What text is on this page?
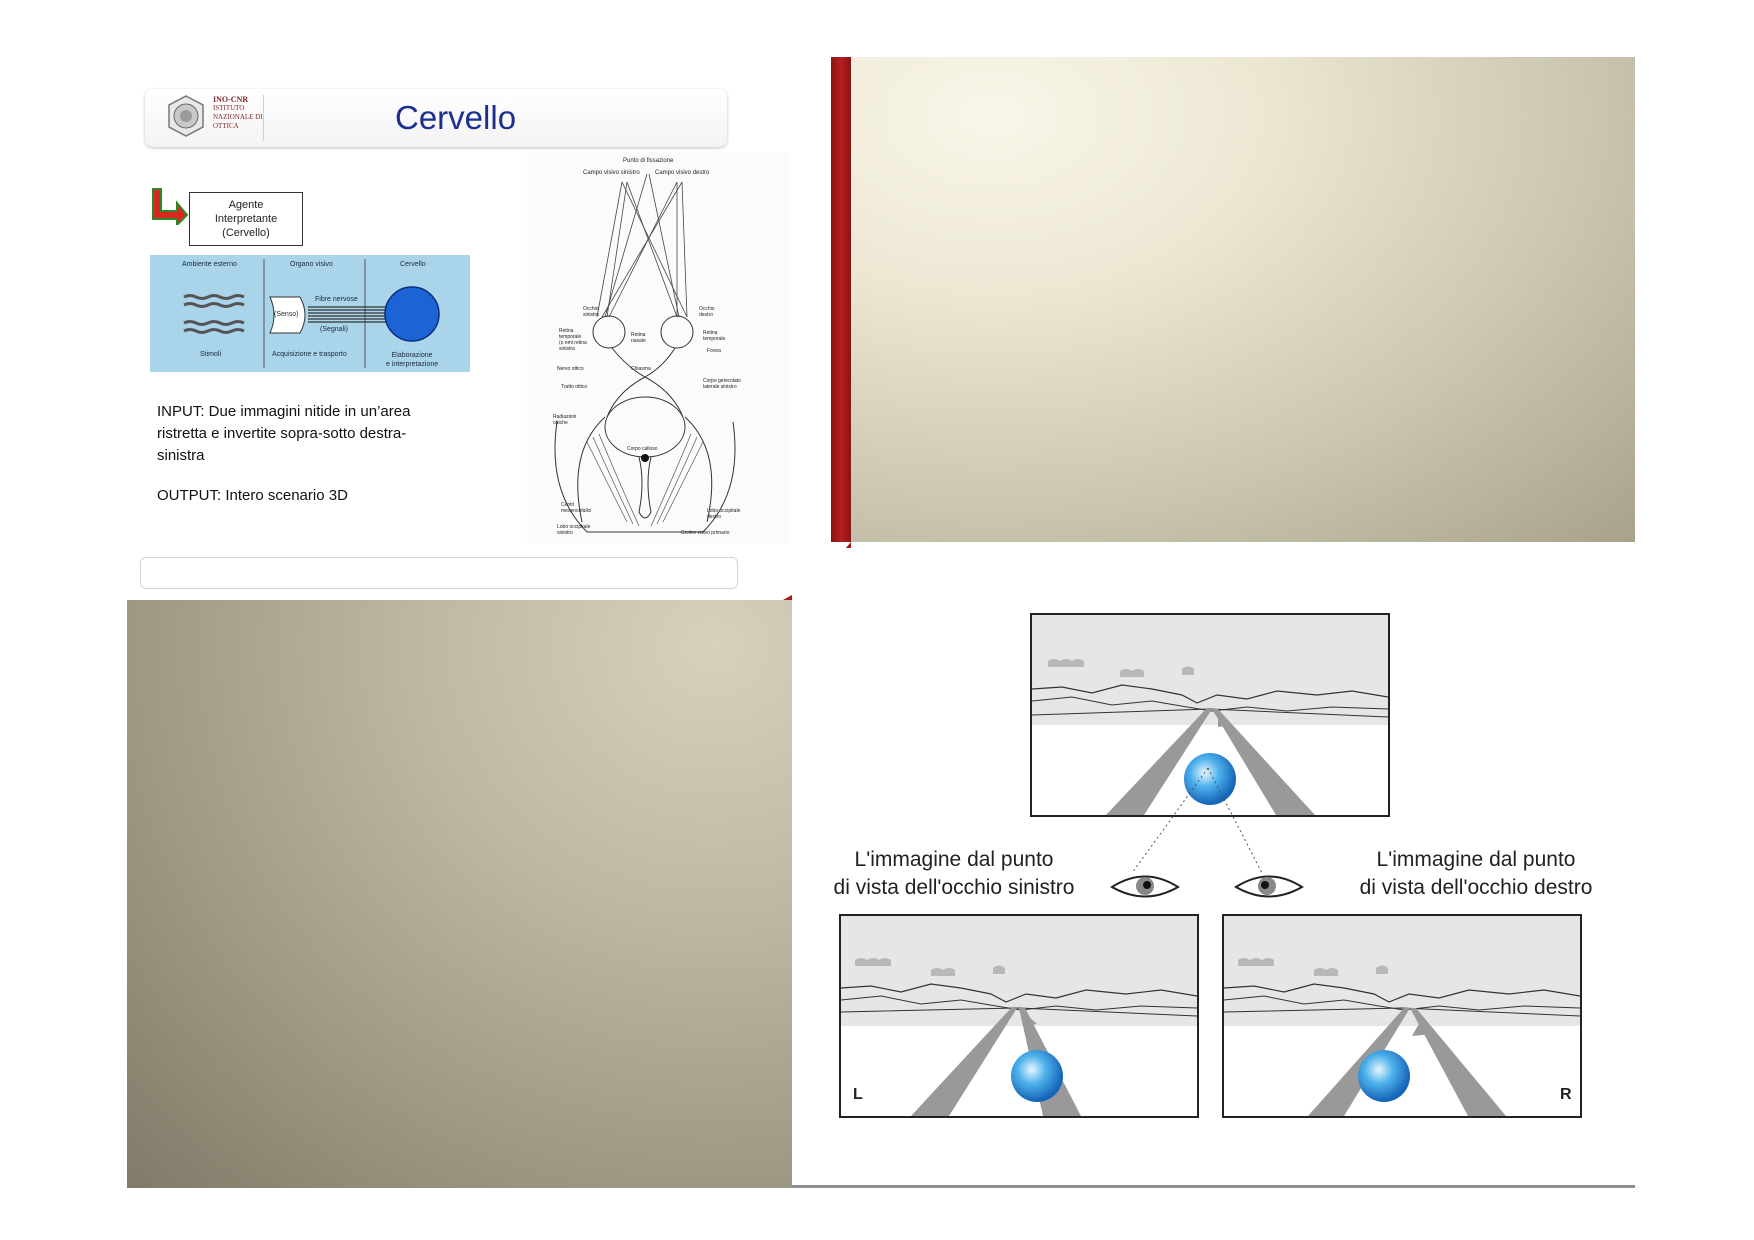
INO-CNR
ISTITUTO
NAZIONALE DI
OTTICA	Cervello
Agente
Interpretante
(Cervello)
Ambiente esterno	Organo visivo	Cervello
(Senso)
Fibre nervose
(Segnali)
Stimoli	Acquisizione e trasporto	Elaborazione
e interpretazione
INPUT: Due immagini nitide in un’area
ristretta e invertite sopra-sotto destra-
sinistra
OUTPUT: Intero scenario 3D
Punto di fissazione
Campo visivo sinistro	Campo visivo destro
Occhio
sinistro
Retina
temporale
(o emi retina
sinistra
Nervo ottico
Tratto ottico
Radiazioni
ottiche
Centri
mesencefalici
Lobo occipitale
sinistro
Retina
nasale
Chiasma
Corpo calloso
Occhio
destro
Retina
temporale
Fovea
Corpo genicolato
laterale sinistro
Lobo occipitale
destro
Centro visivo primario
L'immagine dal punto
di vista dell'occhio sinistro
L'immagine dal punto
di vista dell'occhio destro
L	R
